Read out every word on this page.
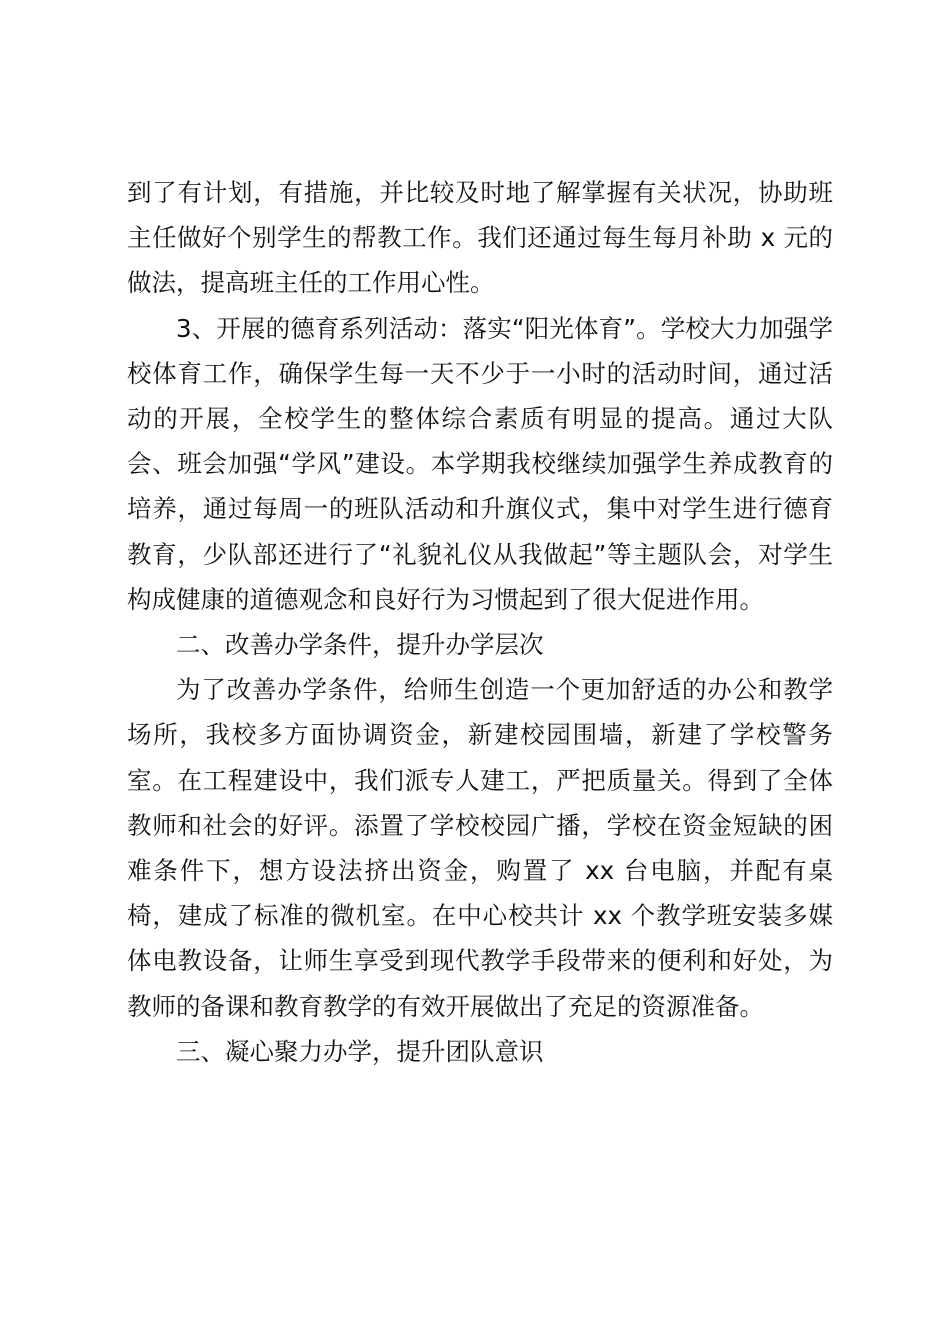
到了有计划，有措施，并比较及时地了解掌握有关状况，协助班主任做好个别学生的帮教工作。我们还通过每生每月补助 x 元的做法，提高班主任的工作用心性。

3、开展的德育系列活动：落实“阳光体育”。学校大力加强学校体育工作，确保学生每一天不少于一小时的活动时间，通过活动的开展，全校学生的整体综合素质有明显的提高。通过大队会、班会加强“学风”建设。本学期我校继续加强学生养成教育的培养，通过每周一的班队活动和升旗仪式，集中对学生进行德育教育，少队部还进行了“礼貌礼仪从我做起”等主题队会，对学生构成健康的道德观念和良好行为习惯起到了很大促进作用。

二、改善办学条件，提升办学层次

为了改善办学条件，给师生创造一个更加舒适的办公和教学场所，我校多方面协调资金，新建校园围墙，新建了学校警务室。在工程建设中，我们派专人建工，严把质量关。得到了全体教师和社会的好评。添置了学校校园广播，学校在资金短缺的困难条件下，想方设法挤出资金，购置了 xx 台电脑，并配有桌椅，建成了标准的微机室。在中心校共计 xx 个教学班安装多媒体电教设备，让师生享受到现代教学手段带来的便利和好处，为教师的备课和教育教学的有效开展做出了充足的资源准备。

三、凝心聚力办学，提升团队意识
